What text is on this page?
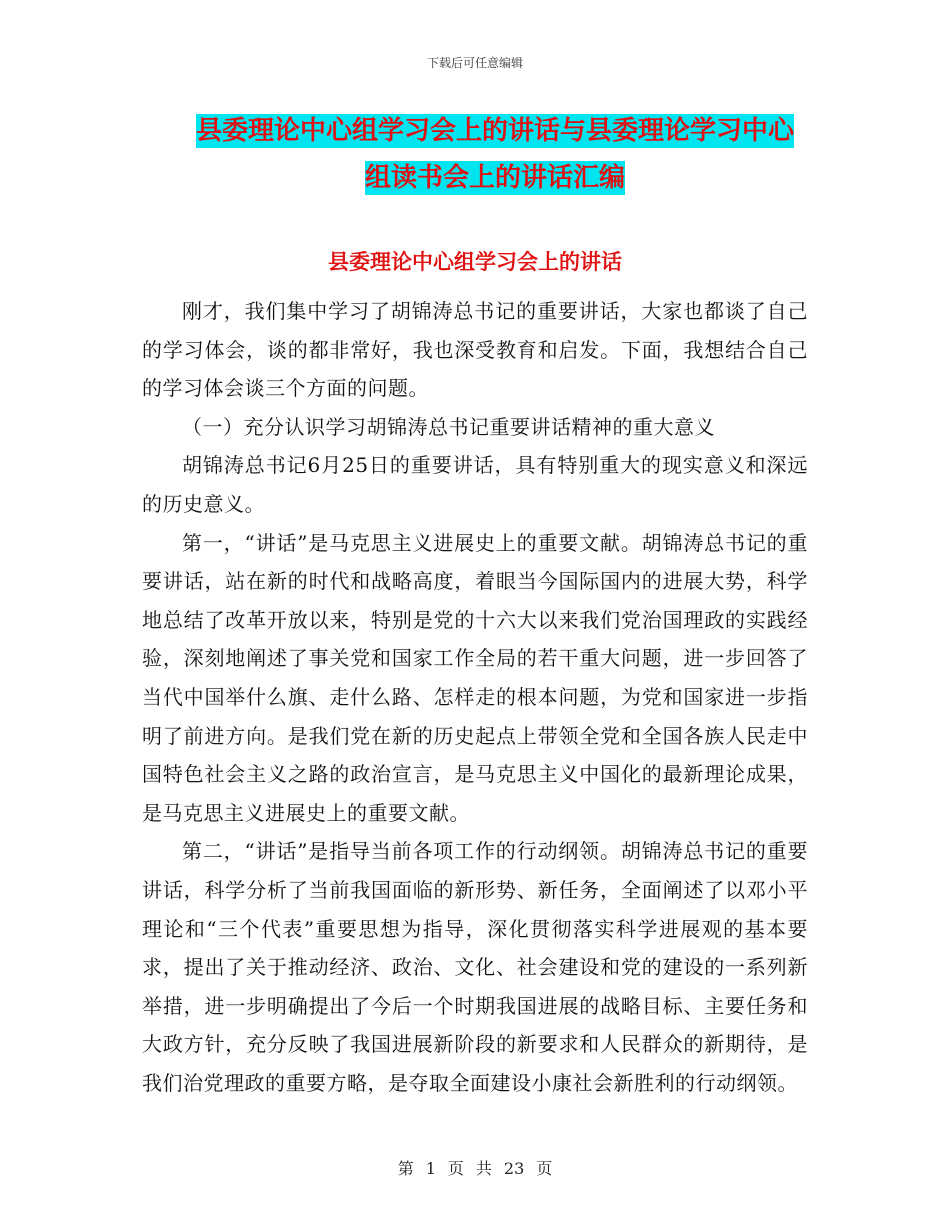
下载后可任意编辑
县委理论中心组学习会上的讲话与县委理论学习中心
组读书会上的讲话汇编
县委理论中心组学习会上的讲话

刚才，我们集中学习了胡锦涛总书记的重要讲话，大家也都谈了自己的学习体会，谈的都非常好，我也深受教育和启发。下面，我想结合自己的学习体会谈三个方面的问题。

（一）充分认识学习胡锦涛总书记重要讲话精神的重大意义

胡锦涛总书记6月25日的重要讲话，具有特别重大的现实意义和深远的历史意义。

第一，“讲话”是马克思主义进展史上的重要文献。胡锦涛总书记的重要讲话，站在新的时代和战略高度，着眼当今国际国内的进展大势，科学地总结了改革开放以来，特别是党的十六大以来我们党治国理政的实践经验，深刻地阐述了事关党和国家工作全局的若干重大问题，进一步回答了当代中国举什么旗、走什么路、怎样走的根本问题，为党和国家进一步指明了前进方向。是我们党在新的历史起点上带领全党和全国各族人民走中国特色社会主义之路的政治宣言，是马克思主义中国化的最新理论成果，是马克思主义进展史上的重要文献。

第二，“讲话”是指导当前各项工作的行动纲领。胡锦涛总书记的重要讲话，科学分析了当前我国面临的新形势、新任务，全面阐述了以邓小平理论和“三个代表”重要思想为指导，深化贯彻落实科学进展观的基本要求，提出了关于推动经济、政治、文化、社会建设和党的建设的一系列新举措，进一步明确提出了今后一个时期我国进展的战略目标、主要任务和大政方针，充分反映了我国进展新阶段的新要求和人民群众的新期待，是我们治党理政的重要方略，是夺取全面建设小康社会新胜利的行动纲领。

第 1 页 共 23 页
